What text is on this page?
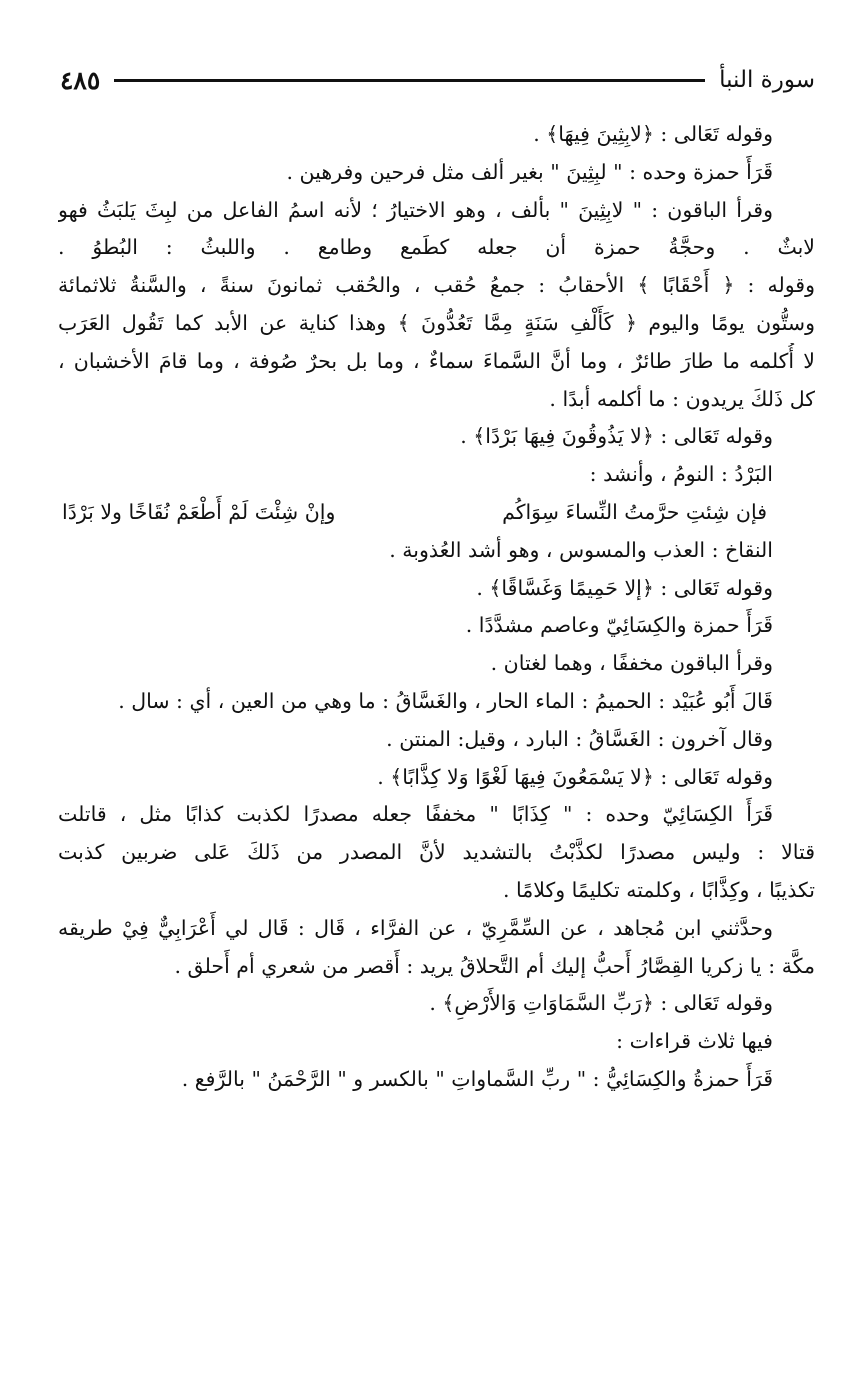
سورة النبأ
٤٨٥
وقوله تَعَالى : ﴿لابِثِينَ فِيهَا﴾ .
قَرَأَ حمزة وحده : " لبِثِينَ " بغير ألف مثل فرحين وفرهين .
وقرأ الباقون : " لابِثِينَ " بألف ، وهو الاختيارُ ؛ لأنه اسمُ الفاعل من لبِثَ يَلبَثُ فهو
لابثٌ . وحجَّةُ حمزة أن جعله كطَمع وطامع . واللبثُ : البُطوُ .
وقوله : ﴿ أَحْقَابًا ﴾ الأحقابُ : جمعُ حُقب ، والحُقب ثمانونَ سنةً ، والسَّنةُ ثلاثمائة
وستُّون يومًا واليوم ﴿ كَأَلْفِ سَنَةٍ مِمَّا تَعُدُّونَ ﴾ وهذا كناية عن الأبد كما تَقُول العَرَب
لا أُكلمه ما طارَ طائرٌ ، وما أنَّ السَّماءَ سماءٌ ، وما بل بحرٌ صُوفة ، وما قامَ الأخشبان ،
كل ذَلكَ يريدون : ما أكلمه أبدًا .
وقوله تَعَالى : ﴿لا يَذُوقُونَ فِيهَا بَرْدًا﴾ .
البَرْدُ : النومُ ، وأنشد :
فإن شِئتِ حرَّمتُ النِّساءَ سِوَاكُم
وإنْ شِئْتَ لَمْ أَطْعَمْ نُقَاخًا ولا بَرْدًا
النقاخ : العذب والمسوس ، وهو أشد العُذوبة .
وقوله تَعَالى : ﴿إلا حَمِيمًا وَغَسَّاقًا﴾ .
قَرَأَ حمزة والكِسَائِيّ وعاصم مشدَّدًا .
وقرأ الباقون مخففًا ، وهما لغتان .
قَالَ أَبُو عُبَيْد : الحميمُ : الماء الحار ، والغَسَّاقُ : ما وهي من العين ، أي : سال .
وقال آخرون : الغَسَّاقُ : البارد ، وقيل: المنتن .
وقوله تَعَالى : ﴿لا يَسْمَعُونَ فِيهَا لَغْوًا وَلا كِذَّابًا﴾ .
قَرَأَ الكِسَائِيّ وحده : " كِذَابًا " مخففًا جعله مصدرًا لكذبت كذابًا مثل ، قاتلت
قتالا : وليس مصدرًا لكذَّبْتُ بالتشديد لأنَّ المصدر من ذَلكَ عَلى ضربين كذبت
تكذيبًا ، وكِذَّابًا ، وكلمته تكليمًا وكلامًا .
وحدَّثني ابن مُجاهد ، عن السِّمَّرِيّ ، عن الفرَّاء ، قَال : قَال لي أَعْرَابِيٌّ فِيْ طريقه
مكَّة : يا زكريا القِصَّارُ أَحبُّ إليك أم التَّحلاقُ يريد : أَقصر من شعري أم أَحلق .
وقوله تَعَالى : ﴿رَبِّ السَّمَاوَاتِ وَالأَرْضِ﴾ .
فيها ثلاث قراءات :
قَرَأَ حمزةُ والكِسَائِيُّ : " ربِّ السَّماواتِ " بالكسر و " الرَّحْمَنُ " بالرَّفع .
